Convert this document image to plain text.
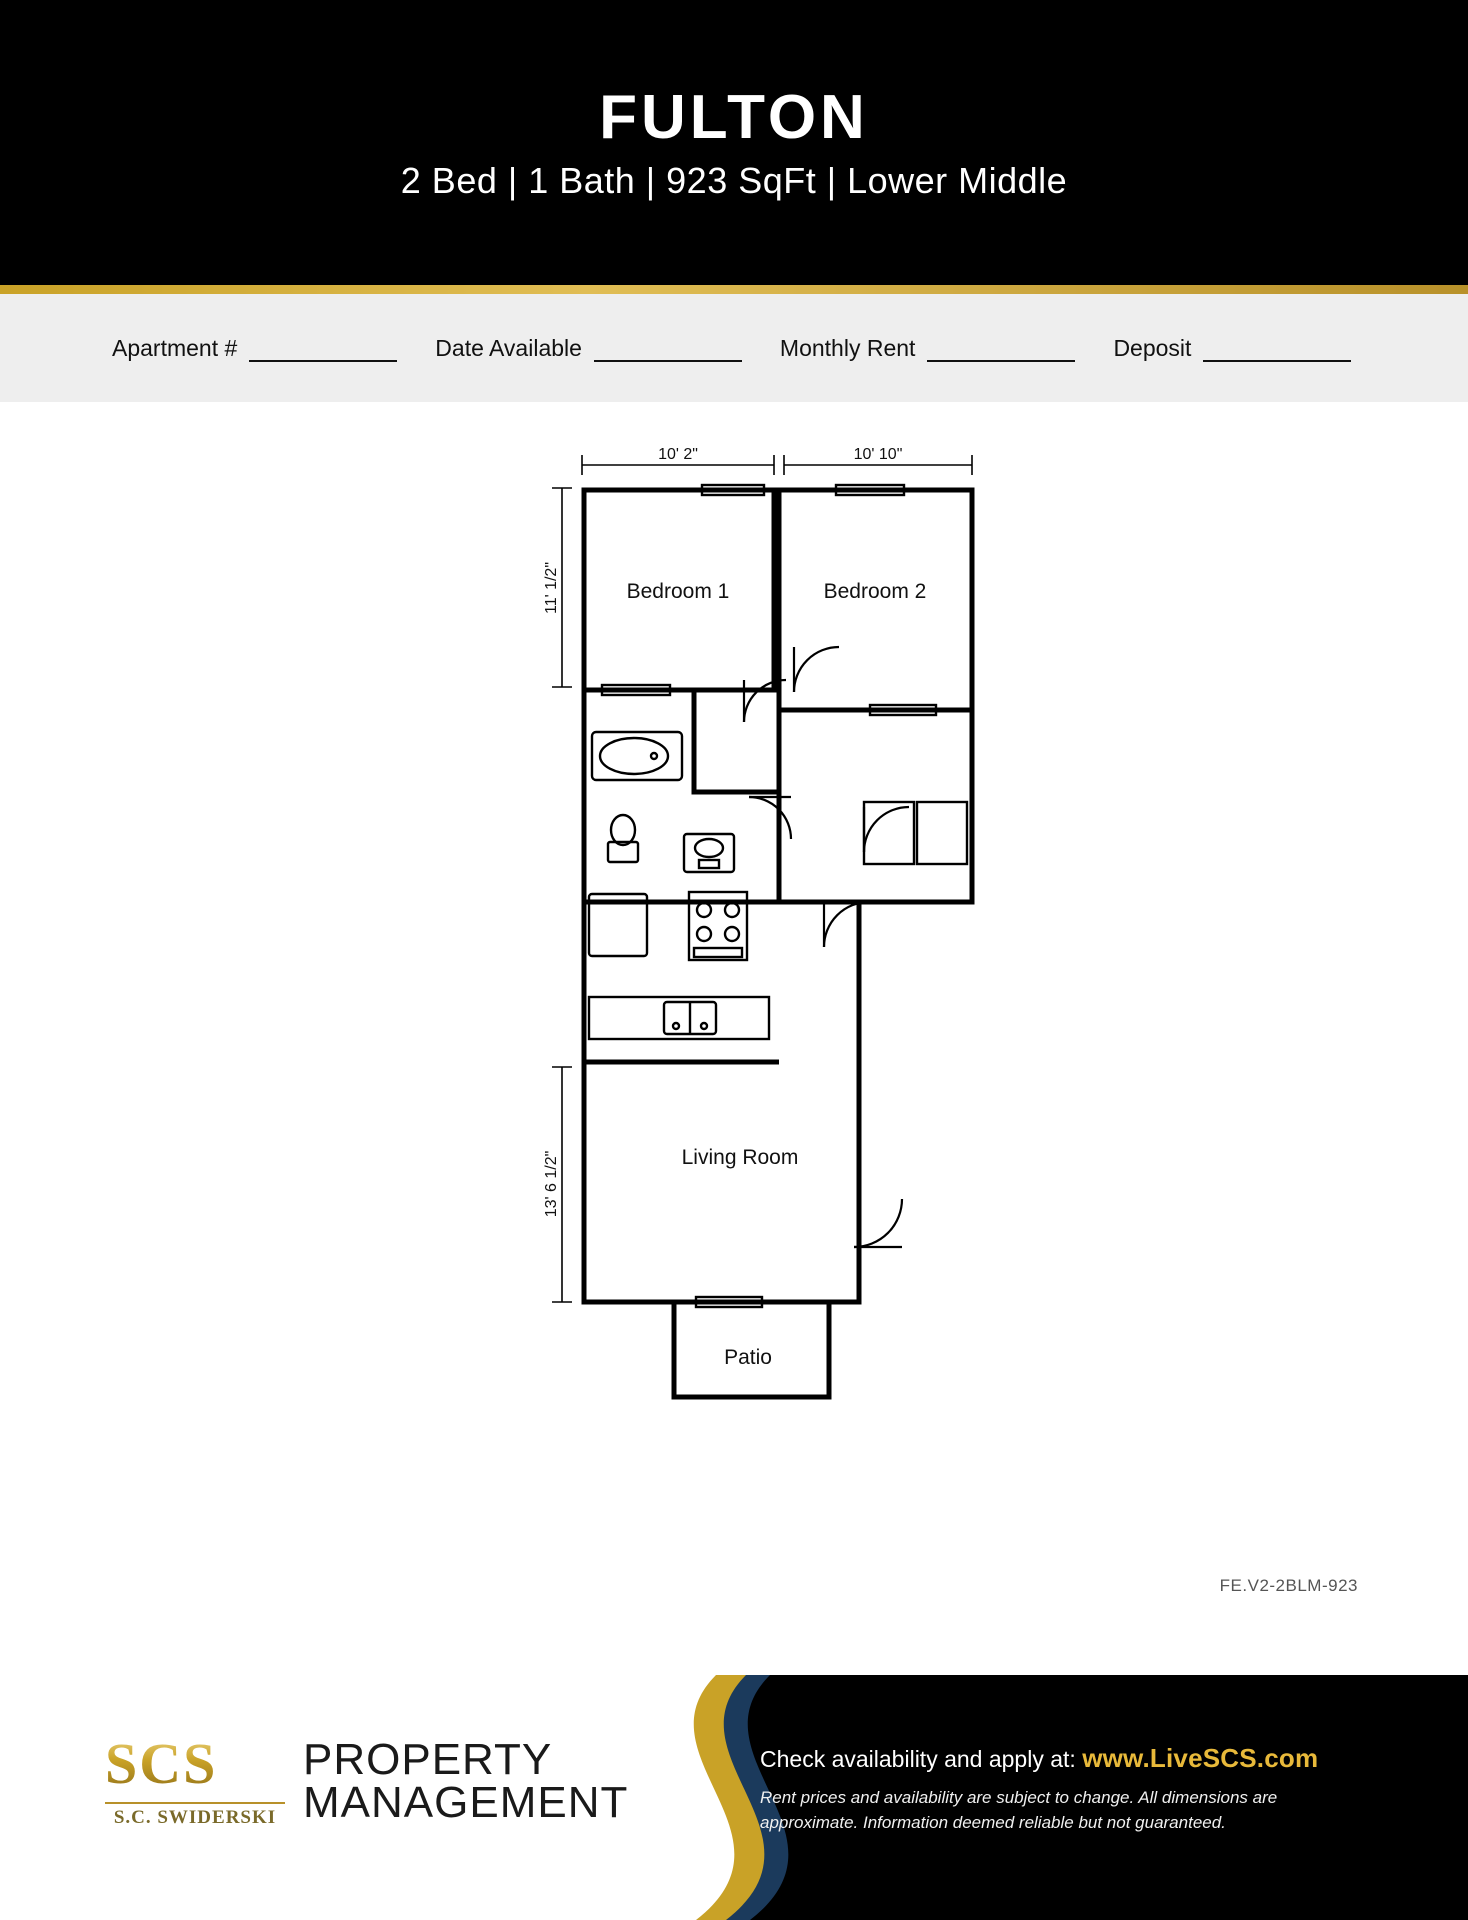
FULTON
2 Bed | 1 Bath | 923 SqFt | Lower Middle
Apartment #	Date Available	Monthly Rent	Deposit
Bedroom 1	Bedroom 2
Living Room
Patio
10' 2"	10' 10"
11' 1/2"
13' 6 1/2"
FE.V2-2BLM-923
SCS
S.C. SWIDERSKI
PROPERTY
MANAGEMENT
Check availability and apply at: www.LiveSCS.com
Rent prices and availability are subject to change. All dimensions are approximate. Information deemed reliable but not guaranteed.
